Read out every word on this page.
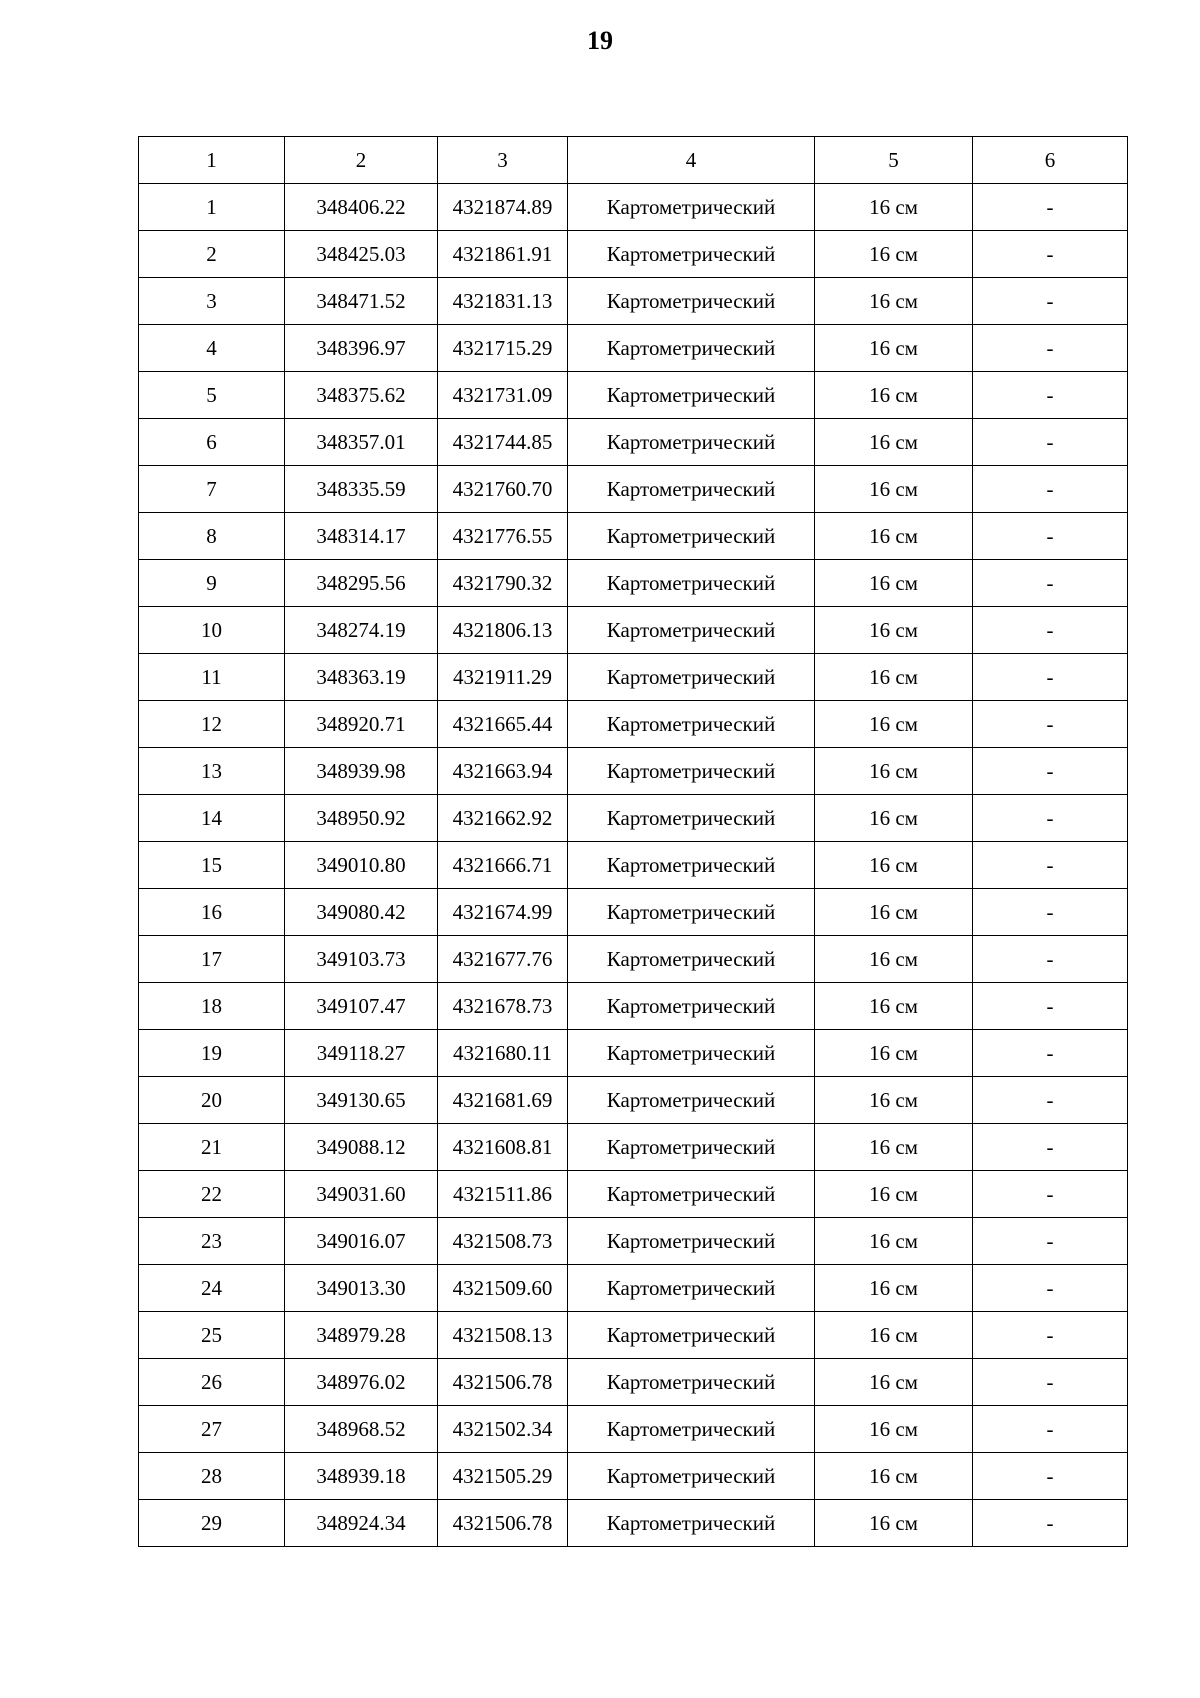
19
1	2	3	4	5	6
1	348406.22	4321874.89	Картометрический	16 см	-
2	348425.03	4321861.91	Картометрический	16 см	-
3	348471.52	4321831.13	Картометрический	16 см	-
4	348396.97	4321715.29	Картометрический	16 см	-
5	348375.62	4321731.09	Картометрический	16 см	-
6	348357.01	4321744.85	Картометрический	16 см	-
7	348335.59	4321760.70	Картометрический	16 см	-
8	348314.17	4321776.55	Картометрический	16 см	-
9	348295.56	4321790.32	Картометрический	16 см	-
10	348274.19	4321806.13	Картометрический	16 см	-
11	348363.19	4321911.29	Картометрический	16 см	-
12	348920.71	4321665.44	Картометрический	16 см	-
13	348939.98	4321663.94	Картометрический	16 см	-
14	348950.92	4321662.92	Картометрический	16 см	-
15	349010.80	4321666.71	Картометрический	16 см	-
16	349080.42	4321674.99	Картометрический	16 см	-
17	349103.73	4321677.76	Картометрический	16 см	-
18	349107.47	4321678.73	Картометрический	16 см	-
19	349118.27	4321680.11	Картометрический	16 см	-
20	349130.65	4321681.69	Картометрический	16 см	-
21	349088.12	4321608.81	Картометрический	16 см	-
22	349031.60	4321511.86	Картометрический	16 см	-
23	349016.07	4321508.73	Картометрический	16 см	-
24	349013.30	4321509.60	Картометрический	16 см	-
25	348979.28	4321508.13	Картометрический	16 см	-
26	348976.02	4321506.78	Картометрический	16 см	-
27	348968.52	4321502.34	Картометрический	16 см	-
28	348939.18	4321505.29	Картометрический	16 см	-
29	348924.34	4321506.78	Картометрический	16 см	-
